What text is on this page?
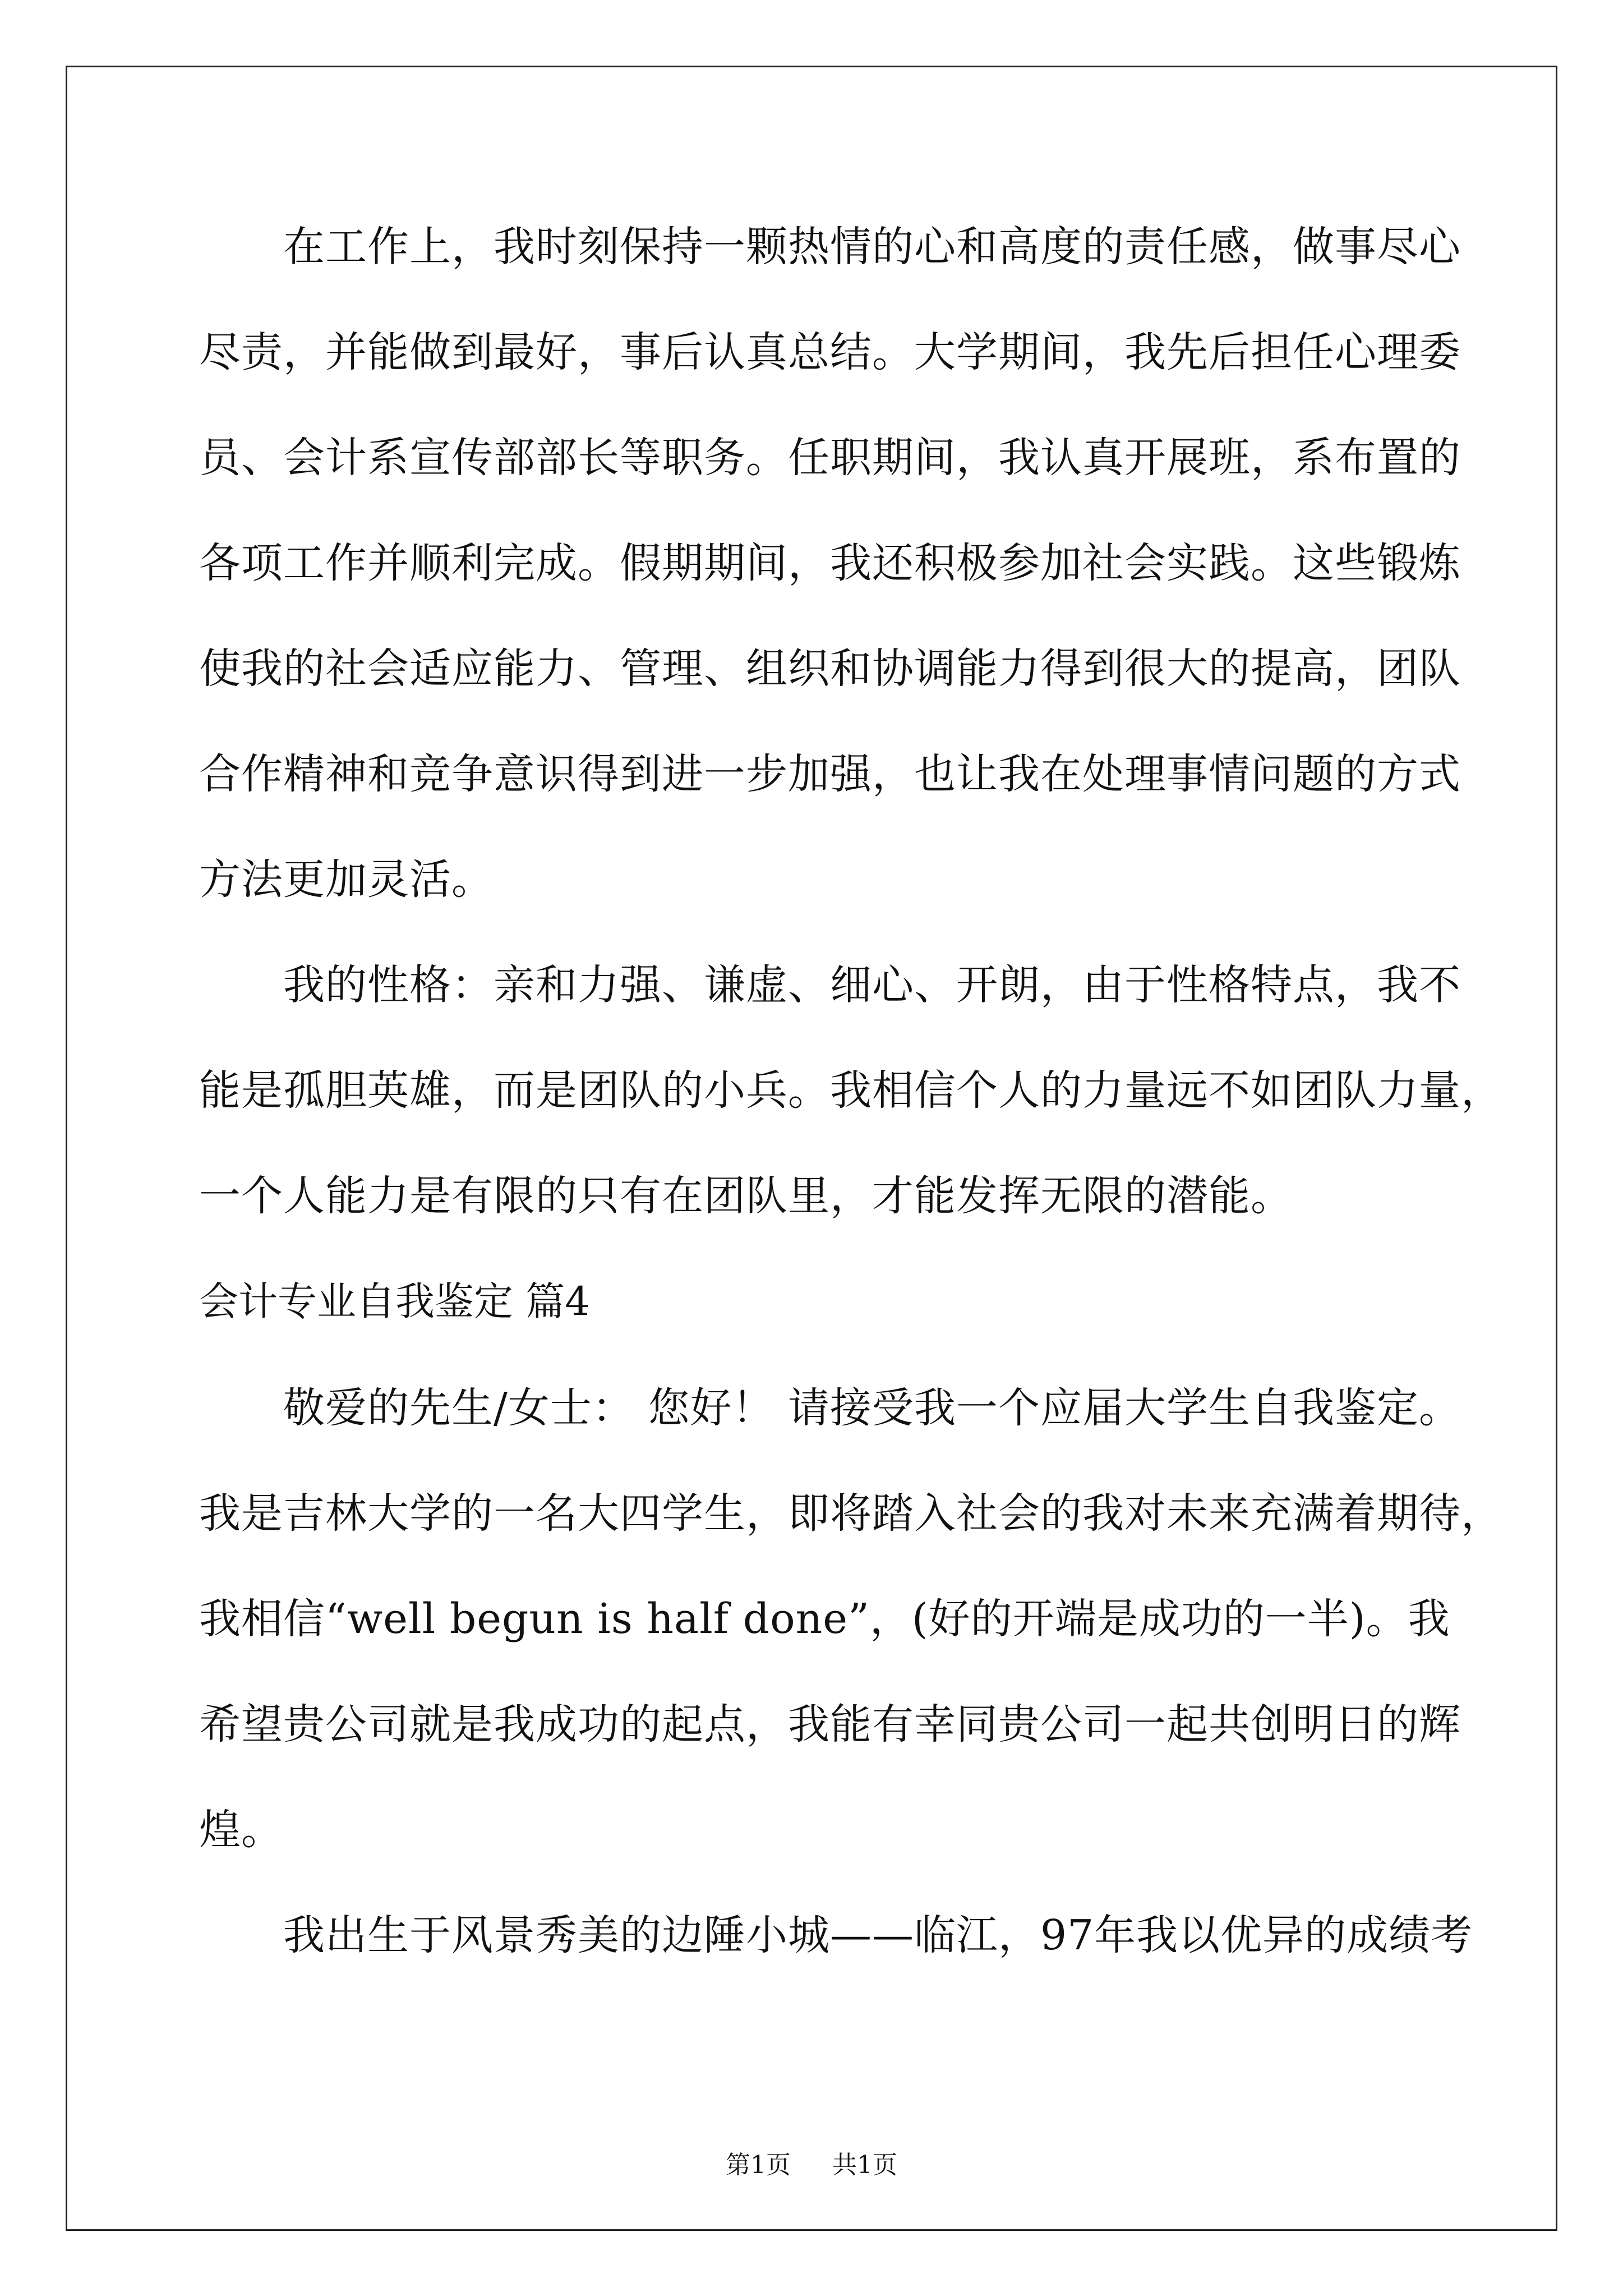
在工作上，我时刻保持一颗热情的心和高度的责任感，做事尽心
尽责，并能做到最好，事后认真总结。大学期间，我先后担任心理委
员、会计系宣传部部长等职务。任职期间，我认真开展班，系布置的
各项工作并顺利完成。假期期间，我还积极参加社会实践。这些锻炼
使我的社会适应能力、管理、组织和协调能力得到很大的提高，团队
合作精神和竞争意识得到进一步加强，也让我在处理事情问题的方式
方法更加灵活。
我的性格：亲和力强、谦虚、细心、开朗，由于性格特点，我不
能是孤胆英雄，而是团队的小兵。我相信个人的力量远不如团队力量，
一个人能力是有限的只有在团队里，才能发挥无限的潜能。
会计专业自我鉴定 篇4
敬爱的先生/女士： 您好！ 请接受我一个应届大学生自我鉴定。
我是吉林大学的一名大四学生，即将踏入社会的我对未来充满着期待，
我相信“well begun is half done”，(好的开端是成功的一半)。我
希望贵公司就是我成功的起点，我能有幸同贵公司一起共创明日的辉
煌。
我出生于风景秀美的边陲小城——临江，97年我以优异的成绩考
第1页 共1页
